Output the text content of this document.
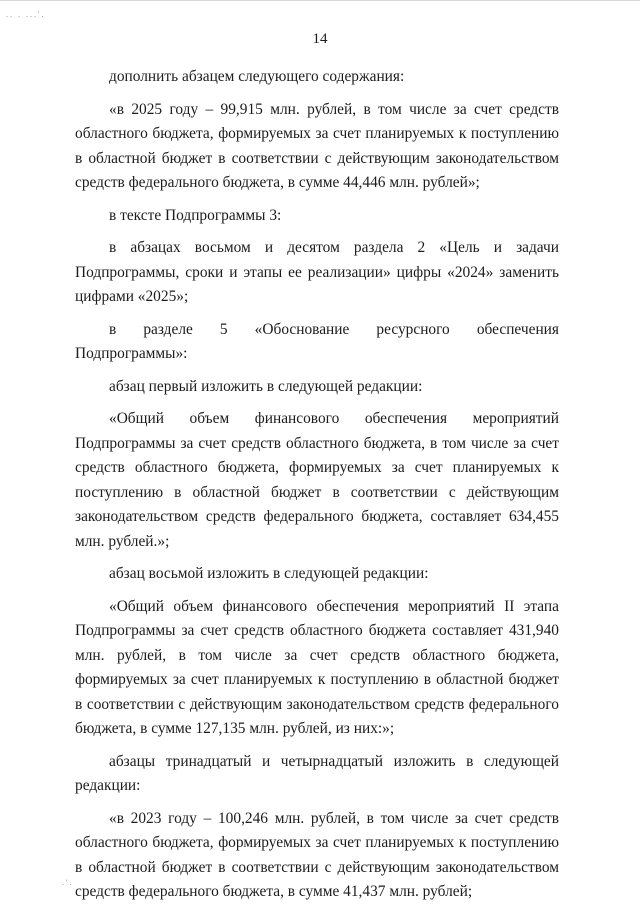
.. . ...'.
.'.
14

дополнить абзацем следующего содержания:

«в 2025 году – 99,915 млн. рублей, в том числе за счет средств областного бюджета, формируемых за счет планируемых к поступлению в областной бюджет в соответствии с действующим законодательством средств федерального бюджета, в сумме 44,446 млн. рублей»;

в тексте Подпрограммы 3:

в абзацах восьмом и десятом раздела 2 «Цель и задачи Подпрограммы, сроки и этапы ее реализации» цифры «2024» заменить цифрами «2025»;

в разделе 5 «Обоснование ресурсного обеспечения Подпрограммы»:

абзац первый изложить в следующей редакции:

«Общий объем финансового обеспечения мероприятий Подпрограммы за счет средств областного бюджета, в том числе за счет средств областного бюджета, формируемых за счет планируемых к поступлению в областной бюджет в соответствии с действующим законодательством средств федерального бюджета, составляет 634,455 млн. рублей.»;

абзац восьмой изложить в следующей редакции:

«Общий объем финансового обеспечения мероприятий II этапа Подпрограммы за счет средств областного бюджета составляет 431,940 млн. рублей, в том числе за счет средств областного бюджета, формируемых за счет планируемых к поступлению в областной бюджет в соответствии с действующим законодательством средств федерального бюджета, в сумме 127,135 млн. рублей, из них:»;

абзацы тринадцатый и четырнадцатый изложить в следующей редакции:

«в 2023 году – 100,246 млн. рублей, в том числе за счет средств областного бюджета, формируемых за счет планируемых к поступлению в областной бюджет в соответствии с действующим законодательством средств федерального бюджета, в сумме 41,437 млн. рублей;
